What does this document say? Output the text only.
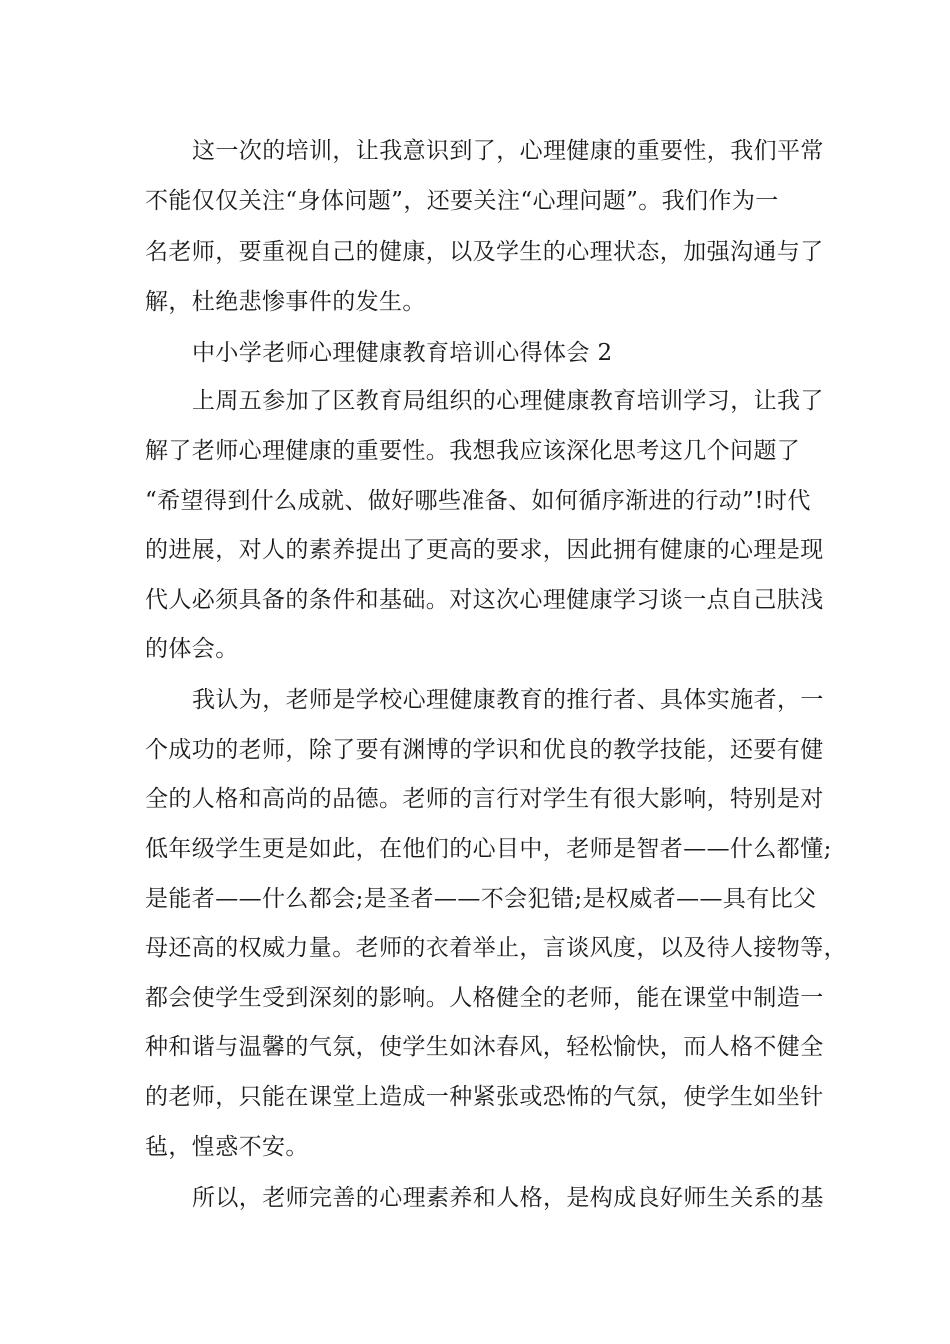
这一次的培训，让我意识到了，心理健康的重要性，我们平常

不能仅仅关注“身体问题”，还要关注“心理问题”。我们作为一

名老师，要重视自己的健康，以及学生的心理状态，加强沟通与了

解，杜绝悲惨事件的发生。

中小学老师心理健康教育培训心得体会 2

上周五参加了区教育局组织的心理健康教育培训学习，让我了

解了老师心理健康的重要性。我想我应该深化思考这几个问题了

“希望得到什么成就、做好哪些准备、如何循序渐进的行动”!时代

的进展，对人的素养提出了更高的要求，因此拥有健康的心理是现

代人必须具备的条件和基础。对这次心理健康学习谈一点自己肤浅

的体会。

我认为，老师是学校心理健康教育的推行者、具体实施者，一

个成功的老师，除了要有渊博的学识和优良的教学技能，还要有健

全的人格和高尚的品德。老师的言行对学生有很大影响，特别是对

低年级学生更是如此，在他们的心目中，老师是智者——什么都懂;

是能者——什么都会;是圣者——不会犯错;是权威者——具有比父

母还高的权威力量。老师的衣着举止，言谈风度，以及待人接物等，

都会使学生受到深刻的影响。人格健全的老师，能在课堂中制造一

种和谐与温馨的气氛，使学生如沐春风，轻松愉快，而人格不健全

的老师，只能在课堂上造成一种紧张或恐怖的气氛，使学生如坐针

毡，惶惑不安。

所以，老师完善的心理素养和人格，是构成良好师生关系的基
